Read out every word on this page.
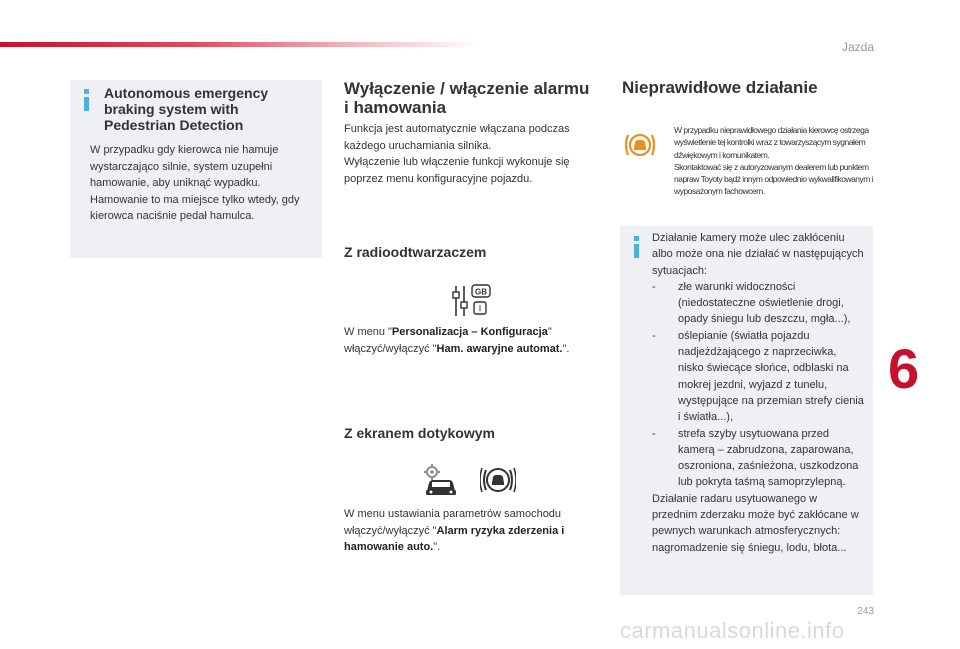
Jazda
Autonomous emergency braking system with Pedestrian Detection
W przypadku gdy kierowca nie hamuje wystarczająco silnie, system uzupełni hamowanie, aby uniknąć wypadku. Hamowanie to ma miejsce tylko wtedy, gdy kierowca naciśnie pedał hamulca.
Wyłączenie / włączenie alarmu i hamowania
Funkcja jest automatycznie włączana podczas każdego uruchamiania silnika.
Wyłączenie lub włączenie funkcji wykonuje się poprzez menu konfiguracyjne pojazdu.
Z radioodtwarzaczem
GB
I
W menu "Personalizacja – Konfiguracja" włączyć/wyłączyć "Ham. awaryjne automat.".
Z ekranem dotykowym
W menu ustawiania parametrów samochodu włączyć/wyłączyć "Alarm ryzyka zderzenia i hamowanie auto.".
Nieprawidłowe działanie
W przypadku nieprawidłowego działania kierowcę ostrzega wyświetlenie tej kontrolki wraz z towarzyszącym sygnałem dźwiękowym i komunikatem.
Skontaktować się z autoryzowanym dealerem lub punktem napraw Toyoty bądź innym odpowiednio wykwalifikowanym i wyposażonym fachowcem.
Działanie kamery może ulec zakłóceniu albo może ona nie działać w następujących sytuacjach:
- złe warunki widoczności (niedostateczne oświetlenie drogi, opady śniegu lub deszczu, mgła...),
- oślepianie (światła pojazdu nadjeżdżającego z naprzeciwka, nisko świecące słońce, odblaski na mokrej jezdni, wyjazd z tunelu, występujące na przemian strefy cienia i światła...),
- strefa szyby usytuowana przed kamerą – zabrudzona, zaparowana, oszroniona, zaśnieżona, uszkodzona lub pokryta taśmą samoprzylepną.
Działanie radaru usytuowanego w przednim zderzaku może być zakłócane w pewnych warunkach atmosferycznych: nagromadzenie się śniegu, lodu, błota...
6
243
carmanualsonline.info
